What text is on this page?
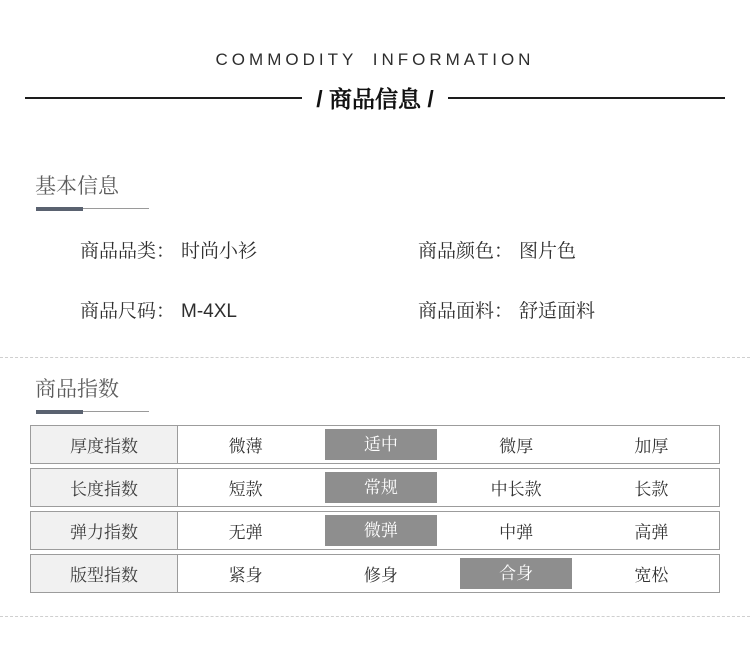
COMMODITY INFORMATION
/ 商品信息 /
基本信息
商品品类： 时尚小衫	商品颜色： 图片色
商品尺码： M-4XL	商品面料： 舒适面料
商品指数
厚度指数	微薄	适中	微厚	加厚
长度指数	短款	常规	中长款	长款
弹力指数	无弹	微弹	中弹	高弹
版型指数	紧身	修身	合身	宽松
